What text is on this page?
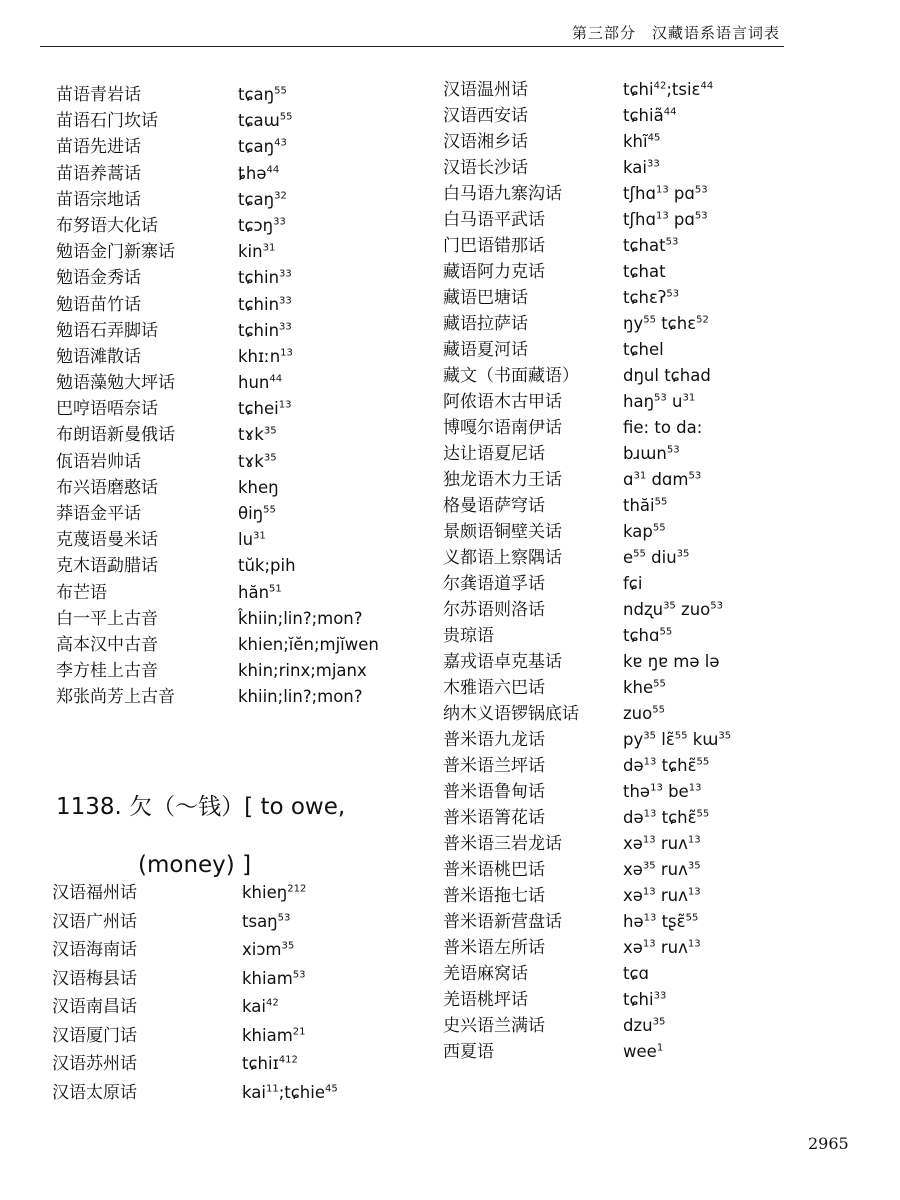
第三部分　汉藏语系语言词表
苗语青岩话	tɕaŋ$^{55}$
苗语石门坎话	tɕaɯ$^{55}$
苗语先进话	tɕaŋ$^{43}$
苗语养蒿话	ȶhə$^{44}$
苗语宗地话	tɕaŋ$^{32}$
布努语大化话	tɕɔŋ$^{33}$
勉语金门新寨话	kin$^{31}$
勉语金秀话	tɕhin$^{33}$
勉语苗竹话	tɕhin$^{33}$
勉语石弄脚话	tɕhin$^{33}$
勉语滩散话	khɪːn$^{13}$
勉语藻勉大坪话	hun$^{44}$
巴哼语唔奈话	tɕhei$^{13}$
布朗语新曼俄话	tɤk$^{35}$
佤语岩帅话	tɤk$^{35}$
布兴语磨憨话	kheŋ
莽语金平话	θiŋ$^{55}$
克蔑语曼米话	$lu^{31}$
克木语勐腊话	tŭk;pih
布芒语	hăn$^{51}$
白一平上古音	k̂hiin;lin?;mon?
高本汉中古音	khien;ĭĕn;mjĭwen
李方桂上古音	khin;rinx;mjanx
郑张尚芳上古音	khiin;lin?;mon?
1138. 欠（～钱）[ to owe,
(money) ]
汉语福州话	khieŋ$^{212}$
汉语广州话	tsaŋ$^{53}$
汉语海南话	xiɔm$^{35}$
汉语梅县话	khiam$^{53}$
汉语南昌话	kai$^{42}$
汉语厦门话	khiam$^{21}$
汉语苏州话	tɕhiɪ$^{412}$
汉语太原话	kai$^{11}$;tɕhie$^{45}$
汉语温州话	tɕhi$^{42}$;tsiɛ$^{44}$
汉语西安话	tɕhiã$^{44}$
汉语湘乡话	khĩ$^{45}$
汉语长沙话	kai$^{33}$
白马语九寨沟话	tʃhɑ$^{13}$ pɑ$^{53}$
白马语平武话	tʃhɑ$^{13}$ pɑ$^{53}$
门巴语错那话	tɕhat$^{53}$
藏语阿力克话	tɕhat
藏语巴塘话	tɕhɛʔ$^{53}$
藏语拉萨话	$ŋy^{55}$ tɕhɛ$^{52}$
藏语夏河话	tɕhel
藏文（书面藏语）	dŋul tɕhad
阿侬语木古甲话	haŋ$^{53}$ $u^{31}$
博嘎尔语南伊话	fie: to da:
达让语夏尼话	bɹɯn$^{53}$
独龙语木力王话	ɑ$^{31}$ dɑm$^{53}$
格曼语萨穹话	thăi$^{55}$
景颇语铜壁关话	kap$^{55}$
义都语上察隅话	$e^{55}$ diu$^{35}$
尔龚语道孚话	fɕi
尔苏语则洛话	ndʐu$^{35}$ zuo$^{53}$
贵琼语	tɕhɑ$^{55}$
嘉戎语卓克基话	kɐ ŋɐ mə lə
木雅语六巴话	khe$^{55}$
纳木义语锣锅底话	zuo$^{55}$
普米语九龙话	$py^{35}$ lɛ̃$^{55}$ kɯ$^{35}$
普米语兰坪话	də$^{13}$ tɕhɛ̃$^{55}$
普米语鲁甸话	thə$^{13}$ $be^{13}$
普米语箐花话	də$^{13}$ tɕhɛ̃$^{55}$
普米语三岩龙话	xə$^{13}$ ruʌ$^{13}$
普米语桃巴话	xə$^{35}$ ruʌ$^{35}$
普米语拖七话	xə$^{13}$ ruʌ$^{13}$
普米语新营盘话	hə$^{13}$ tʂɛ̃$^{55}$
普米语左所话	xə$^{13}$ ruʌ$^{13}$
羌语麻窝话	tɕɑ
羌语桃坪话	tɕhi$^{33}$
史兴语兰满话	dzu$^{35}$
西夏语	wee$^1$
2965
